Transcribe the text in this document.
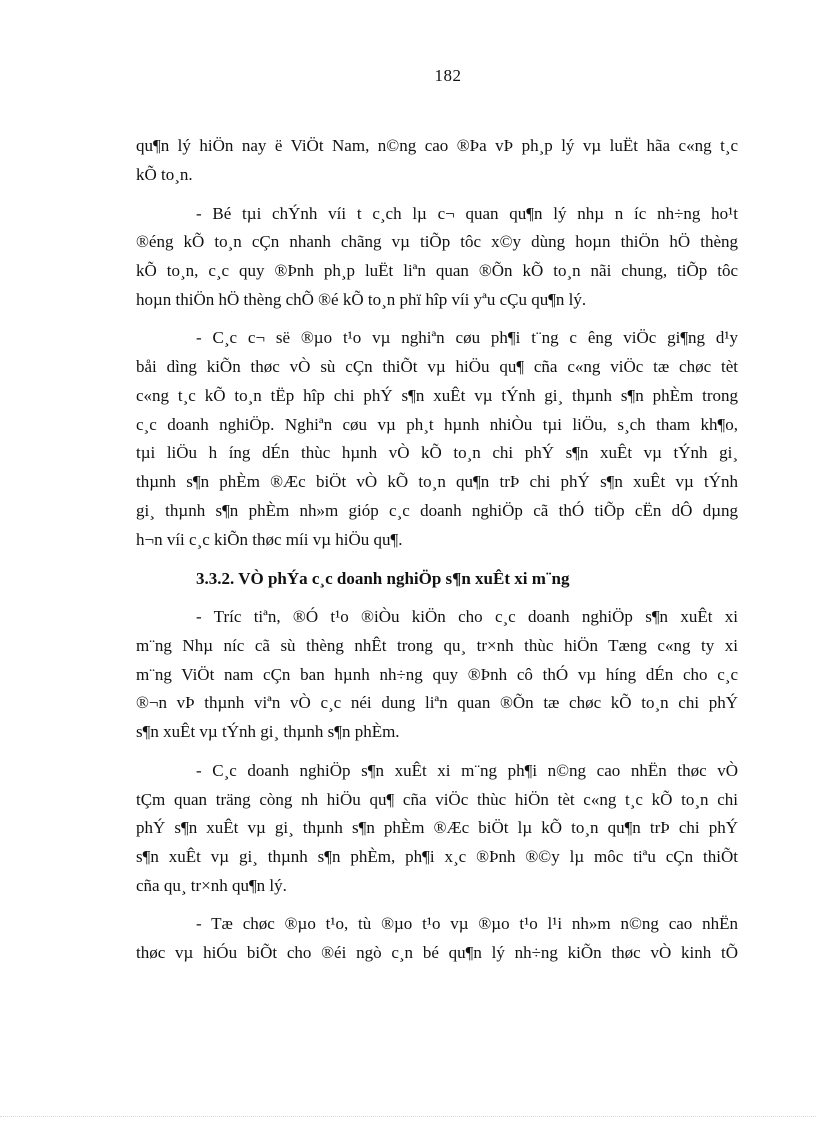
182
qu¶n lý hiÖn nay ë ViÖt Nam, n©ng cao ®Þa vÞ ph¸p lý vµ luËt hãa c«ng t¸c
kÕ to¸n.
- Bé tµi chÝnh víi t c¸ch lµ c¬ quan qu¶n lý nhµ n íc nh÷ng ho¹t
®éng kÕ to¸n cÇn nhanh chãng vµ tiÕp tôc x©y dùng hoµn thiÖn hÖ thèng
kÕ to¸n, c¸c quy ®Þnh ph¸p luËt liªn quan ®Õn kÕ to¸n nãi chung, tiÕp tôc
hoµn thiÖn hÖ thèng chÕ ®é kÕ to¸n phï hîp víi yªu cÇu qu¶n lý.
- C¸c c¬ së ®µo t¹o vµ nghiªn cøu ph¶i t¨ng c êng viÖc gi¶ng d¹y
båi dìng kiÕn thøc vÒ sù cÇn thiÕt vµ hiÖu qu¶ cña c«ng viÖc tæ chøc tèt
c«ng t¸c kÕ to¸n tËp hîp chi phÝ s¶n xuÊt vµ tÝnh gi¸ thµnh s¶n phÈm trong
c¸c doanh nghiÖp. Nghiªn cøu vµ ph¸t hµnh nhiÒu tµi liÖu, s¸ch tham kh¶o,
tµi liÖu h íng dÉn thùc hµnh vÒ kÕ to¸n chi phÝ s¶n xuÊt vµ tÝnh gi¸
thµnh s¶n phÈm ®Æc biÖt vÒ kÕ to¸n qu¶n trÞ chi phÝ s¶n xuÊt vµ tÝnh
gi¸ thµnh s¶n phÈm nh»m gióp c¸c doanh nghiÖp cã thÓ tiÕp cËn dÔ dµng
h¬n víi c¸c kiÕn thøc míi vµ hiÖu qu¶.
3.3.2. VÒ phÝa c¸c doanh nghiÖp s¶n xuÊt xi m¨ng
- Tríc tiªn, ®Ó t¹o ®iÒu kiÖn cho c¸c doanh nghiÖp s¶n xuÊt xi
m¨ng Nhµ níc cã sù thèng nhÊt trong qu¸ tr×nh thùc hiÖn Tæng c«ng ty xi
m¨ng ViÖt nam cÇn ban hµnh nh÷ng quy ®Þnh cô thÓ vµ híng dÉn cho c¸c
®¬n vÞ thµnh viªn vÒ c¸c néi dung liªn quan ®Õn tæ chøc kÕ to¸n chi phÝ
s¶n xuÊt vµ tÝnh gi¸ thµnh s¶n phÈm.
- C¸c doanh nghiÖp s¶n xuÊt xi m¨ng ph¶i n©ng cao nhËn thøc vÒ
tÇm quan träng còng nh hiÖu qu¶ cña viÖc thùc hiÖn tèt c«ng t¸c kÕ to¸n chi
phÝ s¶n xuÊt vµ gi¸ thµnh s¶n phÈm ®Æc biÖt lµ kÕ to¸n qu¶n trÞ chi phÝ
s¶n xuÊt vµ gi¸ thµnh s¶n phÈm, ph¶i x¸c ®Þnh ®©y lµ môc tiªu cÇn thiÕt
cña qu¸ tr×nh qu¶n lý.
- Tæ chøc ®µo t¹o, tù ®µo t¹o vµ ®µo t¹o l¹i nh»m n©ng cao nhËn
thøc vµ hiÓu biÕt cho ®éi ngò c¸n bé qu¶n lý nh÷ng kiÕn thøc vÒ kinh tÕ
